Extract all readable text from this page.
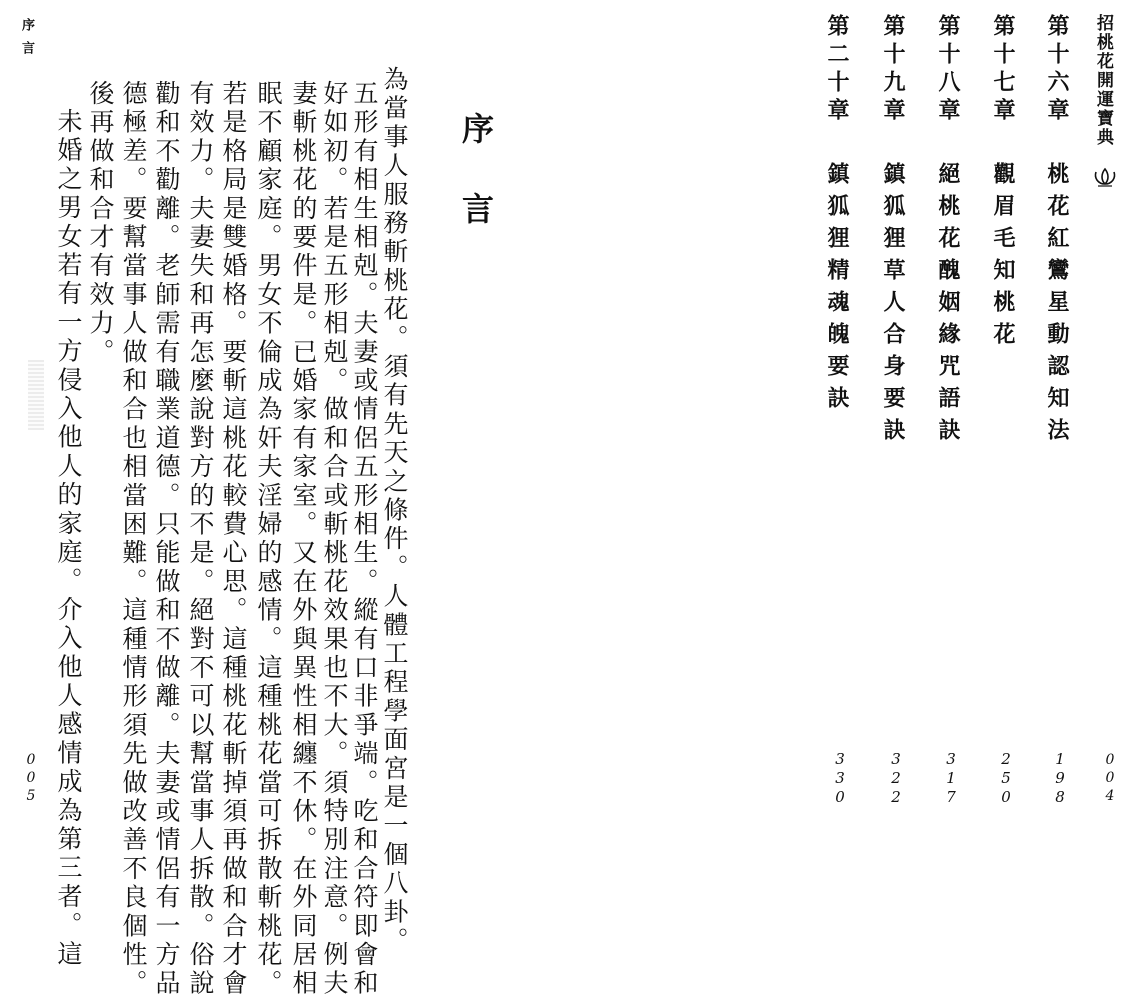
序言
序言
為當事人服務斬桃花。須有先天之條件。人體工程學面宮是一個八卦。
五形有相生相剋。夫妻或情侶五形相生。縱有口非爭端。吃和合符即會和
好如初。若是五形相剋。做和合或斬桃花效果也不大。須特別注意。例夫
妻斬桃花的要件是。已婚家有家室。又在外與異性相纏不休。在外同居相
眠不顧家庭。男女不倫成為奸夫淫婦的感情。這種桃花當可拆散斬桃花。
若是格局是雙婚格。要斬這桃花較費心思。這種桃花斬掉須再做和合才會
有效力。夫妻失和再怎麼說對方的不是。絕對不可以幫當事人拆散。俗說
勸和不勸離。老師需有職業道德。只能做和不做離。夫妻或情侶有一方品
德極差。要幫當事人做和合也相當困難。這種情形須先做改善不良個性。
後再做和合才有效力。
未婚之男女若有一方侵入他人的家庭。介入他人感情成為第三者。這
005
招桃花開運寶典
004
第十六章
桃花紅鸞星動認知法
198
第十七章
觀眉毛知桃花
250
第十八章
絕桃花醜姻緣咒語訣
317
第十九章
鎮狐狸草人合身要訣
322
第二十章
鎮狐狸精魂魄要訣
330
